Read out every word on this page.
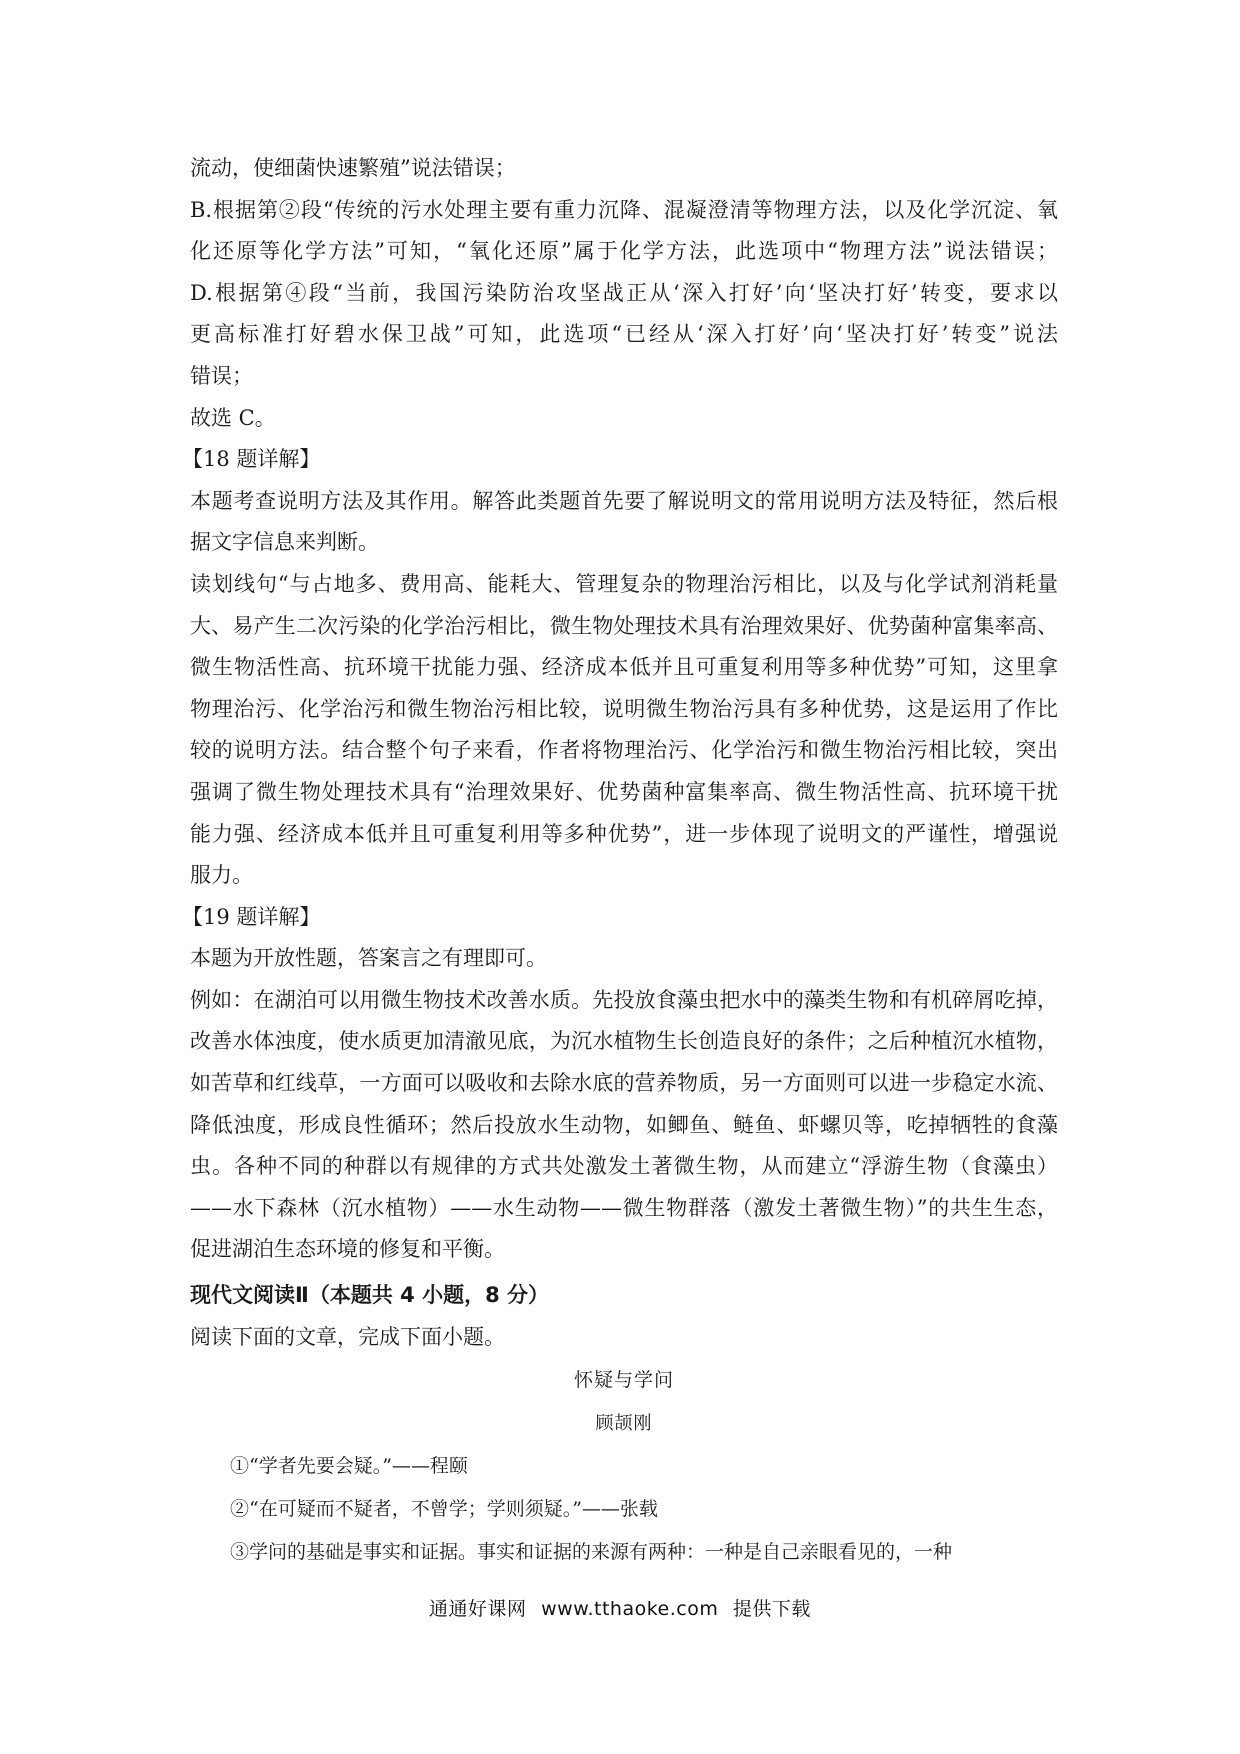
流动，使细菌快速繁殖”说法错误；
B.根据第②段“传统的污水处理主要有重力沉降、混凝澄清等物理方法，以及化学沉淀、氧
化还原等化学方法”可知，“氧化还原”属于化学方法，此选项中“物理方法”说法错误；
D.根据第④段“当前，我国污染防治攻坚战正从‘深入打好’向‘坚决打好’转变，要求以
更高标准打好碧水保卫战”可知，此选项“已经从‘深入打好’向‘坚决打好’转变”说法
错误；
故选 C。
【18 题详解】
本题考查说明方法及其作用。解答此类题首先要了解说明文的常用说明方法及特征，然后根
据文字信息来判断。
读划线句“与占地多、费用高、能耗大、管理复杂的物理治污相比，以及与化学试剂消耗量
大、易产生二次污染的化学治污相比，微生物处理技术具有治理效果好、优势菌种富集率高、
微生物活性高、抗环境干扰能力强、经济成本低并且可重复利用等多种优势”可知，这里拿
物理治污、化学治污和微生物治污相比较，说明微生物治污具有多种优势，这是运用了作比
较的说明方法。结合整个句子来看，作者将物理治污、化学治污和微生物治污相比较，突出
强调了微生物处理技术具有“治理效果好、优势菌种富集率高、微生物活性高、抗环境干扰
能力强、经济成本低并且可重复利用等多种优势”，进一步体现了说明文的严谨性，增强说
服力。
【19 题详解】
本题为开放性题，答案言之有理即可。
例如：在湖泊可以用微生物技术改善水质。先投放食藻虫把水中的藻类生物和有机碎屑吃掉，
改善水体浊度，使水质更加清澈见底，为沉水植物生长创造良好的条件；之后种植沉水植物，
如苦草和红线草，一方面可以吸收和去除水底的营养物质，另一方面则可以进一步稳定水流、
降低浊度，形成良性循环；然后投放水生动物，如鲫鱼、鲢鱼、虾螺贝等，吃掉牺牲的食藻
虫。各种不同的种群以有规律的方式共处激发土著微生物，从而建立“浮游生物（食藻虫）
——水下森林（沉水植物）——水生动物——微生物群落（激发土著微生物）”的共生生态，
促进湖泊生态环境的修复和平衡。
现代文阅读Ⅱ（本题共 4 小题，8 分）
阅读下面的文章，完成下面小题。
怀疑与学问
顾颉刚
①“学者先要会疑。”——程颐
②“在可疑而不疑者，不曾学；学则须疑。”——张载
③学问的基础是事实和证据。事实和证据的来源有两种：一种是自己亲眼看见的，一种
通通好课网 www.tthaoke.com 提供下载
